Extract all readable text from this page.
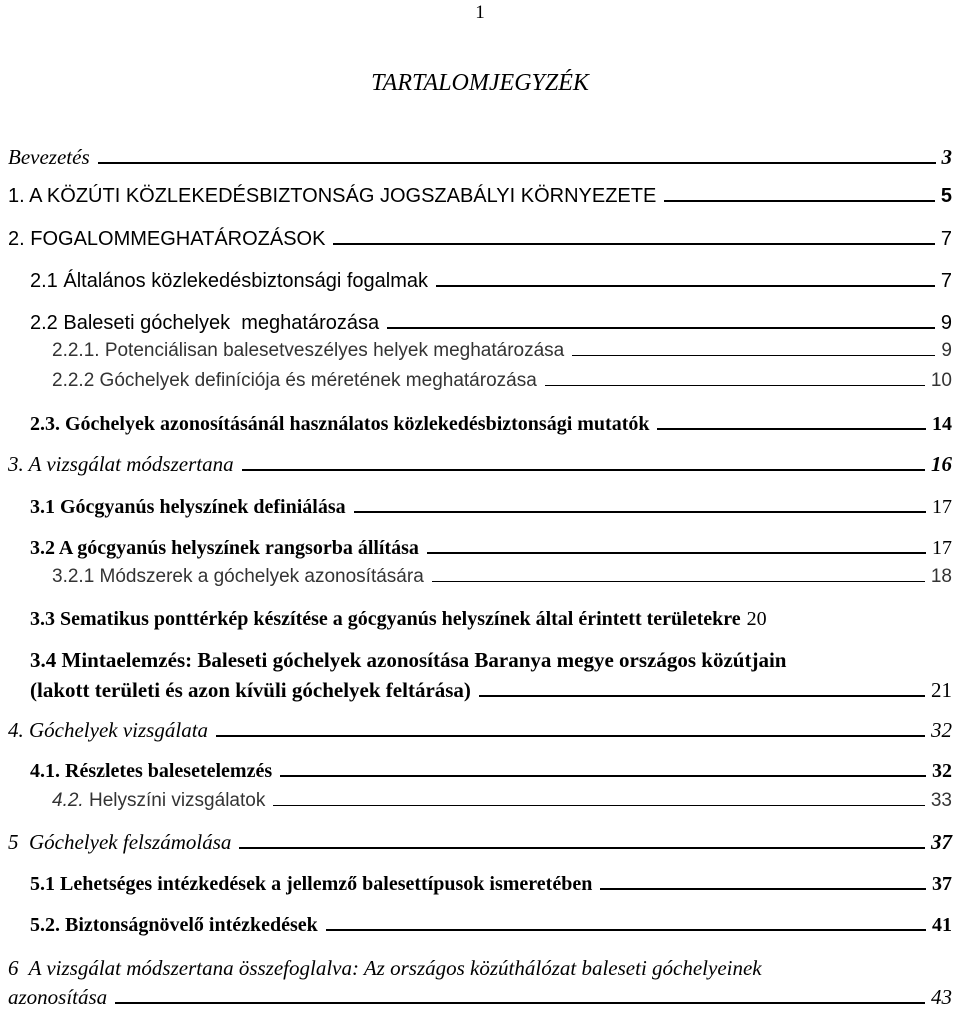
1
TARTALOMJEGYZÉK
Bevezetés	3
1. A KÖZÚTI KÖZLEKEDÉSBIZTONSÁG JOGSZABÁLYI KÖRNYEZETE	5
2. FOGALOMMEGHATÁROZÁSOK	7
2.1 Általános közlekedésbiztonsági fogalmak	7
2.2 Baleseti góchelyek  meghatározása	9
2.2.1. Potenciálisan balesetveszélyes helyek meghatározása	9
2.2.2 Góchelyek definíciója és méretének meghatározása	10
2.3. Góchelyek azonosításánál használatos közlekedésbiztonsági mutatók	14
3. A vizsgálat módszertana	16
3.1 Gócgyanús helyszínek definiálása	17
3.2 A gócgyanús helyszínek rangsorba állítása	17
3.2.1 Módszerek a góchelyek azonosítására	18
3.3 Sematikus ponttérkép készítése a gócgyanús helyszínek által érintett területekre 20
3.4 Mintaelemzés: Baleseti góchelyek azonosítása Baranya megye országos közútjain
(lakott területi és azon kívüli góchelyek feltárása)	21
4. Góchelyek vizsgálata	32
4.1. Részletes balesetelemzés	32
4.2. Helyszíni vizsgálatok	33
5  Góchelyek felszámolása	37
5.1 Lehetséges intézkedések a jellemző balesettípusok ismeretében	37
5.2. Biztonságnövelő intézkedések	41
6  A vizsgálat módszertana összefoglalva: Az országos közúthálózat baleseti góchelyeinek
azonosítása	43
